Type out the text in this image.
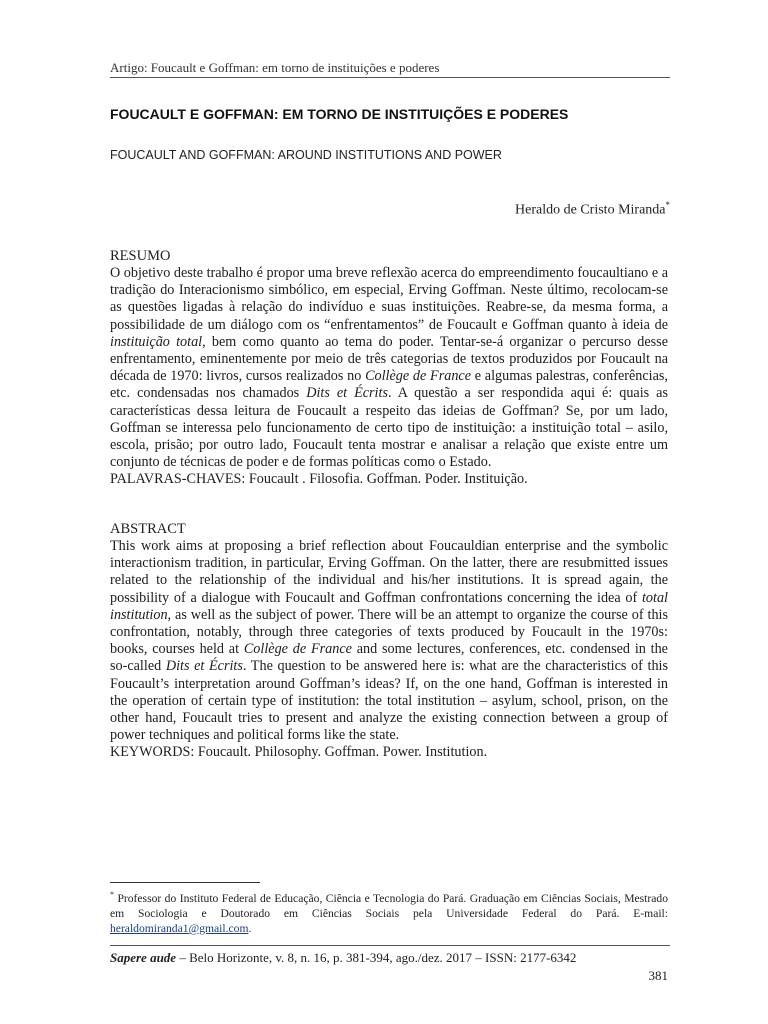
Artigo: Foucault e Goffman: em torno de instituições e poderes
FOUCAULT E GOFFMAN: EM TORNO DE INSTITUIÇÕES E PODERES
FOUCAULT AND GOFFMAN: AROUND INSTITUTIONS AND POWER
Heraldo de Cristo Miranda*
RESUMO
O objetivo deste trabalho é propor uma breve reflexão acerca do empreendimento foucaultiano e a tradição do Interacionismo simbólico, em especial, Erving Goffman. Neste último, recolocam-se as questões ligadas à relação do indivíduo e suas instituições. Reabre-se, da mesma forma, a possibilidade de um diálogo com os “enfrentamentos” de Foucault e Goffman quanto à ideia de instituição total, bem como quanto ao tema do poder. Tentar-se-á organizar o percurso desse enfrentamento, eminentemente por meio de três categorias de textos produzidos por Foucault na década de 1970: livros, cursos realizados no Collège de France e algumas palestras, conferências, etc. condensadas nos chamados Dits et Écrits. A questão a ser respondida aqui é: quais as características dessa leitura de Foucault a respeito das ideias de Goffman? Se, por um lado, Goffman se interessa pelo funcionamento de certo tipo de instituição: a instituição total – asilo, escola, prisão; por outro lado, Foucault tenta mostrar e analisar a relação que existe entre um conjunto de técnicas de poder e de formas políticas como o Estado.
PALAVRAS-CHAVES: Foucault . Filosofia. Goffman. Poder. Instituição.
ABSTRACT
This work aims at proposing a brief reflection about Foucauldian enterprise and the symbolic interactionism tradition, in particular, Erving Goffman. On the latter, there are resubmitted issues related to the relationship of the individual and his/her institutions. It is spread again, the possibility of a dialogue with Foucault and Goffman confrontations concerning the idea of total institution, as well as the subject of power. There will be an attempt to organize the course of this confrontation, notably, through three categories of texts produced by Foucault in the 1970s: books, courses held at Collège de France and some lectures, conferences, etc. condensed in the so-called Dits et Écrits. The question to be answered here is: what are the characteristics of this Foucault’s interpretation around Goffman’s ideas? If, on the one hand, Goffman is interested in the operation of certain type of institution: the total institution – asylum, school, prison, on the other hand, Foucault tries to present and analyze the existing connection between a group of power techniques and political forms like the state.
KEYWORDS: Foucault. Philosophy. Goffman. Power. Institution.
* Professor do Instituto Federal de Educação, Ciência e Tecnologia do Pará. Graduação em Ciências Sociais, Mestrado em Sociologia e Doutorado em Ciências Sociais pela Universidade Federal do Pará. E-mail: heraldomiranda1@gmail.com.
Sapere aude – Belo Horizonte, v. 8, n. 16, p. 381-394, ago./dez. 2017 – ISSN: 2177-6342
381
